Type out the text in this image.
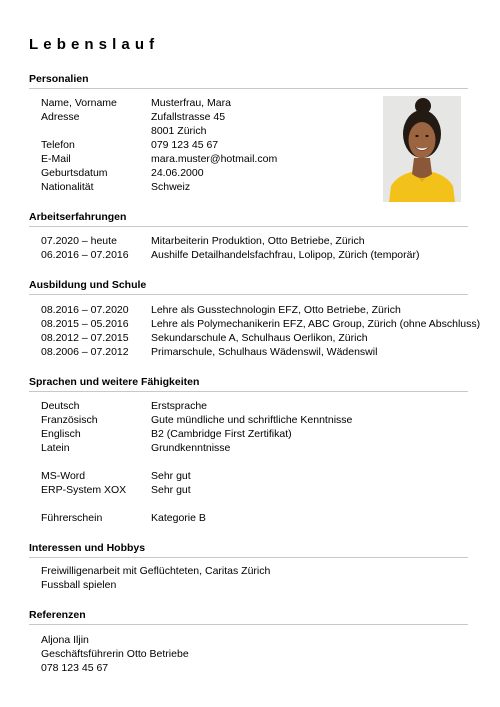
Lebenslauf
Personalien
Name, Vorname	Musterfrau, Mara
Adresse	Zufallstrasse 45
8001 Zürich
Telefon	079 123 45 67
E-Mail	mara.muster@hotmail.com
Geburtsdatum	24.06.2000
Nationalität	Schweiz
Arbeitserfahrungen
07.2020 – heute	Mitarbeiterin Produktion, Otto Betriebe, Zürich
06.2016 – 07.2016 Aushilfe Detailhandelsfachfrau, Lolipop, Zürich (temporär)
Ausbildung und Schule
08.2016 – 07.2020 Lehre als Gusstechnologin EFZ, Otto Betriebe, Zürich
08.2015 – 05.2016 Lehre als Polymechanikerin EFZ, ABC Group, Zürich (ohne Abschluss)
08.2012 – 07.2015 Sekundarschule A, Schulhaus Oerlikon, Zürich
08.2006 – 07.2012 Primarschule, Schulhaus Wädenswil, Wädenswil
Sprachen und weitere Fähigkeiten
Deutsch	Erstsprache
Französisch	Gute mündliche und schriftliche Kenntnisse
Englisch	B2 (Cambridge First Zertifikat)
Latein	Grundkenntnisse
MS-Word	Sehr gut
ERP-System XOX Sehr gut
Führerschein	Kategorie B
Interessen und Hobbys
Freiwilligenarbeit mit Geflüchteten, Caritas Zürich
Fussball spielen
Referenzen
Aljona Iljin
Geschäftsführerin Otto Betriebe
078 123 45 67
